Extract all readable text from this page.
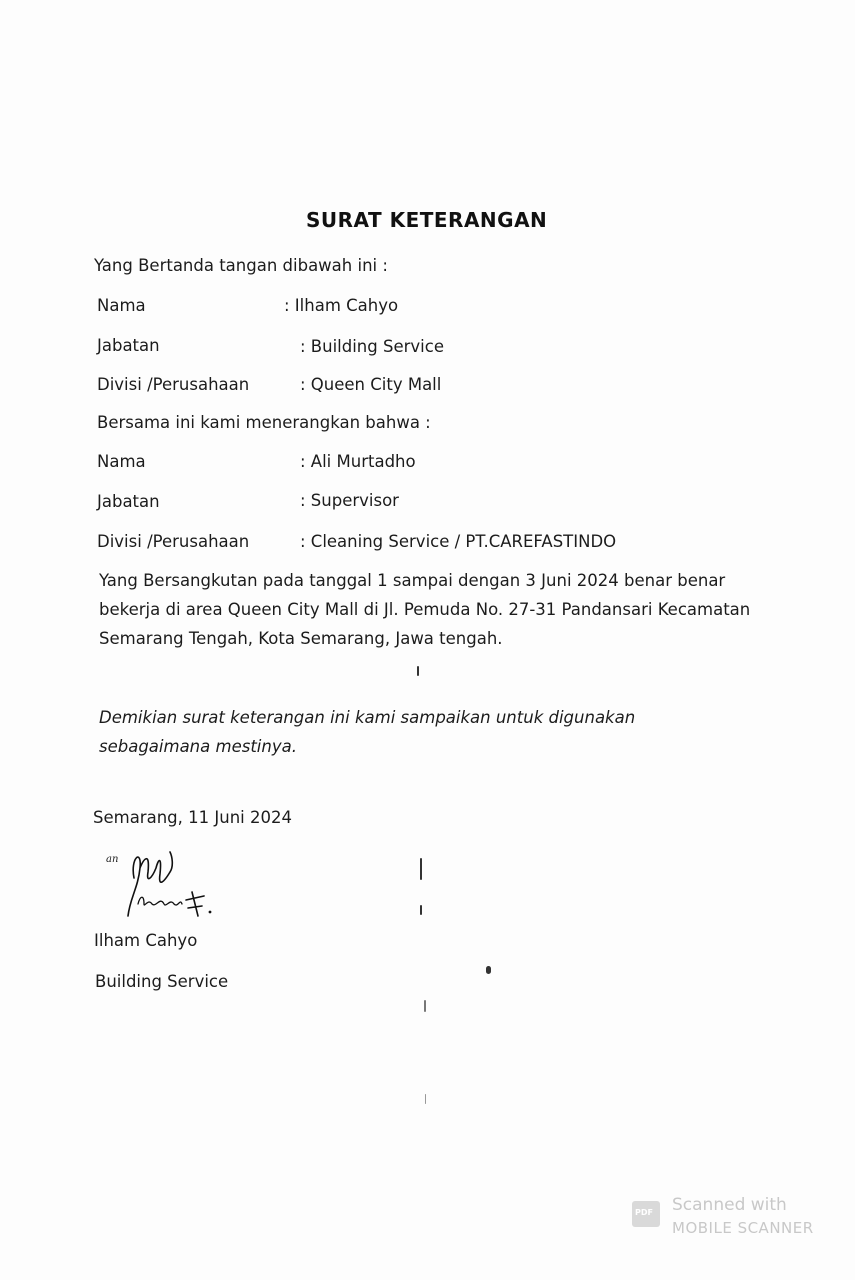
SURAT KETERANGAN
Yang Bertanda tangan dibawah ini :
Nama	: Ilham Cahyo
Jabatan	: Building Service
Divisi /Perusahaan	: Queen City Mall
Bersama ini kami menerangkan bahwa :
Nama	: Ali Murtadho
Jabatan	: Supervisor
Divisi /Perusahaan	: Cleaning Service / PT.CAREFASTINDO
Yang Bersangkutan pada tanggal 1 sampai dengan 3 Juni 2024 benar benar bekerja di area Queen City Mall di Jl. Pemuda No. 27-31 Pandansari Kecamatan Semarang Tengah, Kota Semarang, Jawa tengah.
Demikian surat keterangan ini kami sampaikan untuk digunakan sebagaimana mestinya.
Semarang, 11 Juni 2024
an
Ilham Cahyo
Building Service
PDF Scanned with
MOBILE SCANNER
